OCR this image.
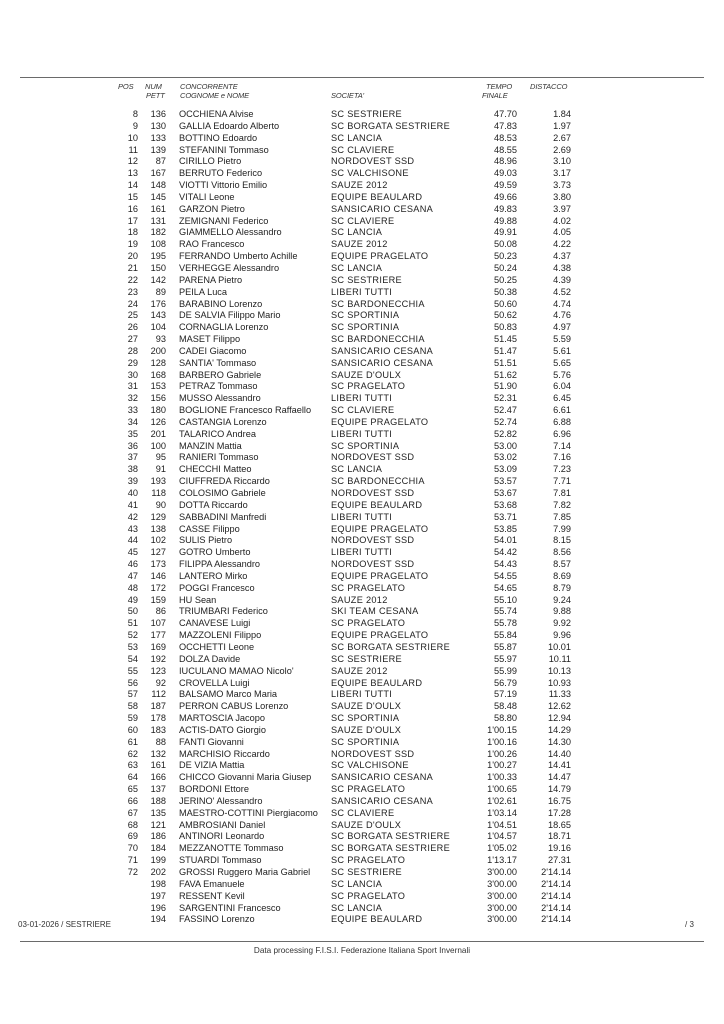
POS NUM
PETT
CONCORRENTE
COGNOME e NOME	SOCIETA'
TEMPO
FINALE
DISTACCO
8	136 OCCHIENA Alvise	SC SESTRIERE	47.70	1.84
9	130 GALLIA Edoardo Alberto	SC BORGATA SESTRIERE	47.83	1.97
10	133 BOTTINO Edoardo	SC LANCIA	48.53	2.67
11	139 STEFANINI Tommaso	SC CLAVIERE	48.55	2.69
12	87 CIRILLO Pietro	NORDOVEST SSD	48.96	3.10
13	167 BERRUTO Federico	SC VALCHISONE	49.03	3.17
14	148 VIOTTI Vittorio Emilio	SAUZE 2012	49.59	3.73
15	145 VITALI Leone	EQUIPE BEAULARD	49.66	3.80
16	161 GARZON Pietro	SANSICARIO CESANA	49.83	3.97
17	131 ZEMIGNANI Federico	SC CLAVIERE	49.88	4.02
18	182 GIAMMELLO Alessandro	SC LANCIA	49.91	4.05
19	108 RAO Francesco	SAUZE 2012	50.08	4.22
20	195 FERRANDO Umberto Achille	EQUIPE PRAGELATO	50.23	4.37
21	150 VERHEGGE Alessandro	SC LANCIA	50.24	4.38
22	142 PARENA Pietro	SC SESTRIERE	50.25	4.39
23	89 PEILA Luca	LIBERI TUTTI	50.38	4.52
24	176 BARABINO Lorenzo	SC BARDONECCHIA	50.60	4.74
25	143 DE SALVIA Filippo Mario	SC SPORTINIA	50.62	4.76
26	104 CORNAGLIA Lorenzo	SC SPORTINIA	50.83	4.97
27	93 MASET Filippo	SC BARDONECCHIA	51.45	5.59
28	200 CADEI Giacomo	SANSICARIO CESANA	51.47	5.61
29	128 SANTIA' Tommaso	SANSICARIO CESANA	51.51	5.65
30	168 BARBERO Gabriele	SAUZE D'OULX	51.62	5.76
31	153 PETRAZ Tommaso	SC PRAGELATO	51.90	6.04
32	156 MUSSO Alessandro	LIBERI TUTTI	52.31	6.45
33	180 BOGLIONE Francesco Raffaello SC CLAVIERE	52.47	6.61
34	126 CASTANGIA Lorenzo	EQUIPE PRAGELATO	52.74	6.88
35	201 TALARICO Andrea	LIBERI TUTTI	52.82	6.96
36	100 MANZIN Mattia	SC SPORTINIA	53.00	7.14
37	95 RANIERI Tommaso	NORDOVEST SSD	53.02	7.16
38	91 CHECCHI Matteo	SC LANCIA	53.09	7.23
39	193 CIUFFREDA Riccardo	SC BARDONECCHIA	53.57	7.71
40	118 COLOSIMO Gabriele	NORDOVEST SSD	53.67	7.81
41	90 DOTTA Riccardo	EQUIPE BEAULARD	53.68	7.82
42	129 SABBADINI Manfredi	LIBERI TUTTI	53.71	7.85
43	138 CASSE Filippo	EQUIPE PRAGELATO	53.85	7.99
44	102 SULIS Pietro	NORDOVEST SSD	54.01	8.15
45	127 GOTRO Umberto	LIBERI TUTTI	54.42	8.56
46	173 FILIPPA Alessandro	NORDOVEST SSD	54.43	8.57
47	146 LANTERO Mirko	EQUIPE PRAGELATO	54.55	8.69
48	172 POGGI Francesco	SC PRAGELATO	54.65	8.79
49	159 HU Sean	SAUZE 2012	55.10	9.24
50	86 TRIUMBARI Federico	SKI TEAM CESANA	55.74	9.88
51	107 CANAVESE Luigi	SC PRAGELATO	55.78	9.92
52	177 MAZZOLENI Filippo	EQUIPE PRAGELATO	55.84	9.96
53	169 OCCHETTI Leone	SC BORGATA SESTRIERE	55.87	10.01
54	192 DOLZA Davide	SC SESTRIERE	55.97	10.11
55	123 IUCULANO MAMAO Nicolo'	SAUZE 2012	55.99	10.13
56	92 CROVELLA Luigi	EQUIPE BEAULARD	56.79	10.93
57	112 BALSAMO Marco Maria	LIBERI TUTTI	57.19	11.33
58	187 PERRON CABUS Lorenzo	SAUZE D'OULX	58.48	12.62
59	178 MARTOSCIA Jacopo	SC SPORTINIA	58.80	12.94
60	183 ACTIS-DATO Giorgio	SAUZE D'OULX	1'00.15	14.29
61	88 FANTI Giovanni	SC SPORTINIA	1'00.16	14.30
62	132 MARCHISIO Riccardo	NORDOVEST SSD	1'00.26	14.40
63	161 DE VIZIA Mattia	SC VALCHISONE	1'00.27	14.41
64	166 CHICCO Giovanni Maria Giusep SANSICARIO CESANA	1'00.33	14.47
65	137 BORDONI Ettore	SC PRAGELATO	1'00.65	14.79
66	188 JERINO' Alessandro	SANSICARIO CESANA	1'02.61	16.75
67	135 MAESTRO-COTTINI Piergiacomo SC CLAVIERE	1'03.14	17.28
68	121 AMBROSIANI Daniel	SAUZE D'OULX	1'04.51	18.65
69	186 ANTINORI Leonardo	SC BORGATA SESTRIERE	1'04.57	18.71
70	184 MEZZANOTTE Tommaso	SC BORGATA SESTRIERE	1'05.02	19.16
71	199 STUARDI Tommaso	SC PRAGELATO	1'13.17	27.31
72	202 GROSSI Ruggero Maria Gabriel SC SESTRIERE	3'00.00	2'14.14
198 FAVA Emanuele	SC LANCIA	3'00.00	2'14.14
197 RESSENT Kevil	SC PRAGELATO	3'00.00	2'14.14
196 SARGENTINI Francesco	SC LANCIA	3'00.00	2'14.14
194 FASSINO Lorenzo	EQUIPE BEAULARD	3'00.00	2'14.14
03-01-2026 / SESTRIERE	/ 3
Data processing F.I.S.I. Federazione Italiana Sport Invernali
